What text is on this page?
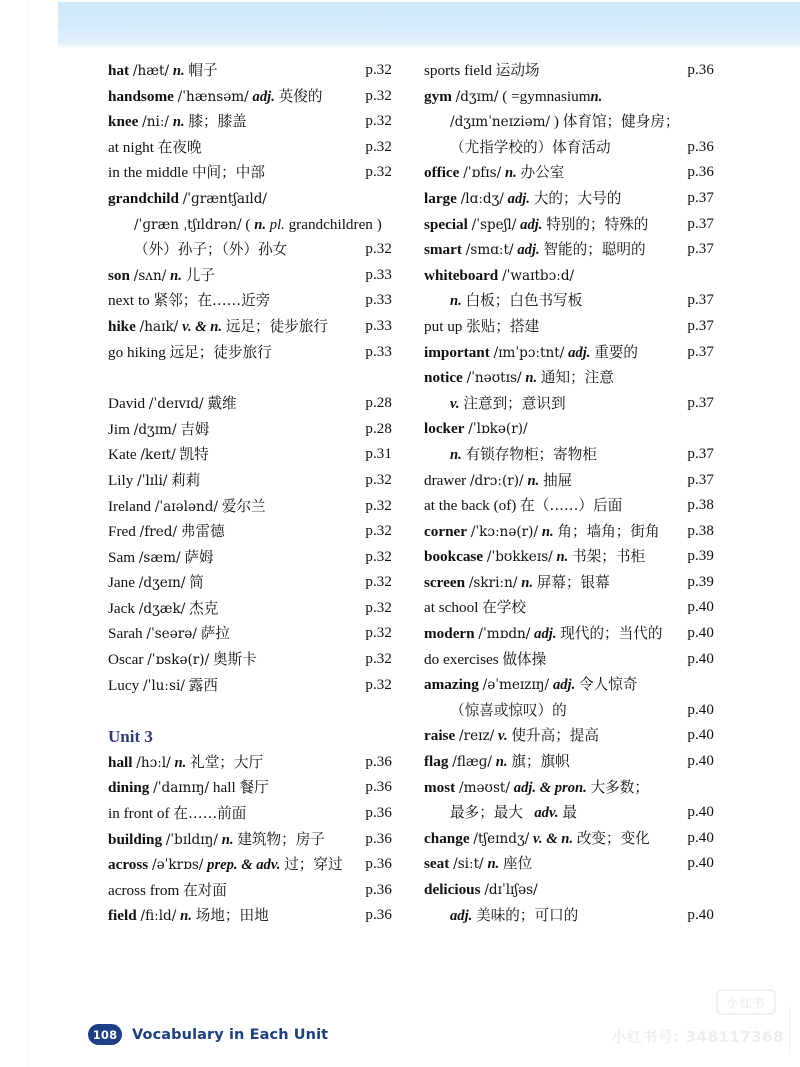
hat /hæt/ n. 帽子	p.32
handsome /ˈhænsəm/ adj. 英俊的	p.32
knee /niː/ n. 膝；膝盖	p.32
at night 在夜晚	p.32
in the middle 中间；中部	p.32
grandchild /ˈɡræntʃaɪld/
/ˈɡræn ˌtʃɪldrən/ ( n. pl. grandchildren )
（外）孙子；（外）孙女	p.32
son /sʌn/ n. 儿子	p.33
next to 紧邻；在……近旁	p.33
hike /haɪk/ v. & n. 远足；徒步旅行 p.33
go hiking 远足；徒步旅行	p.33
David /ˈdeɪvɪd/ 戴维	p.28
Jim /dʒɪm/ 吉姆	p.28
Kate /keɪt/ 凯特	p.31
Lily /ˈlɪli/ 莉莉	p.32
Ireland /ˈaɪələnd/ 爱尔兰	p.32
Fred /fred/ 弗雷德	p.32
Sam /sæm/ 萨姆	p.32
Jane /dʒeɪn/ 简	p.32
Jack /dʒæk/ 杰克	p.32
Sarah /ˈseərə/ 萨拉	p.32
Oscar /ˈɒskə(r)/ 奥斯卡	p.32
Lucy /ˈluːsi/ 露西	p.32
Unit 3
hall /hɔːl/ n. 礼堂；大厅	p.36
dining /ˈdaɪnɪŋ/ hall 餐厅	p.36
in front of 在……前面	p.36
building /ˈbɪldɪŋ/ n. 建筑物；房子	p.36
across /əˈkrɒs/ prep. & adv. 过；穿过 p.36
across from 在对面	p.36
field /fiːld/ n. 场地；田地	p.36
sports field 运动场	p.36
gym /dʒɪm/ ( =gymnasiumn.
/dʒɪmˈneɪziəm/ ) 体育馆；健身房；
（尤指学校的）体育活动	p.36
office /ˈɒfɪs/ n. 办公室	p.36
large /lɑːdʒ/ adj. 大的；大号的	p.37
special /ˈspeʃl/ adj. 特别的；特殊的	p.37
smart /smɑːt/ adj. 智能的；聪明的	p.37
whiteboard /ˈwaɪtbɔːd/
n. 白板；白色书写板	p.37
put up 张贴；搭建	p.37
important /ɪmˈpɔːtnt/ adj. 重要的	p.37
notice /ˈnəʊtɪs/ n. 通知；注意
v. 注意到；意识到	p.37
locker /ˈlɒkə(r)/
n. 有锁存物柜；寄物柜	p.37
drawer /drɔː(r)/ n. 抽屉	p.37
at the back (of) 在（……）后面	p.38
corner /ˈkɔːnə(r)/ n. 角；墙角；街角 p.38
bookcase /ˈbʊkkeɪs/ n. 书架；书柜	p.39
screen /skriːn/ n. 屏幕；银幕	p.39
at school 在学校	p.40
modern /ˈmɒdn/ adj. 现代的；当代的 p.40
do exercises 做体操	p.40
amazing /əˈmeɪzɪŋ/ adj. 令人惊奇
（惊喜或惊叹）的	p.40
raise /reɪz/ v. 使升高；提高	p.40
flag /flæɡ/ n. 旗；旗帜	p.40
most /məʊst/ adj. & pron. 大多数；
最多；最大 adv. 最	p.40
change /tʃeɪndʒ/ v. & n. 改变；变化	p.40
seat /siːt/ n. 座位	p.40
delicious /dɪˈlɪʃəs/
adj. 美味的；可口的	p.40
108	Vocabulary in Each Unit
小红书
小红书号: 348117368
